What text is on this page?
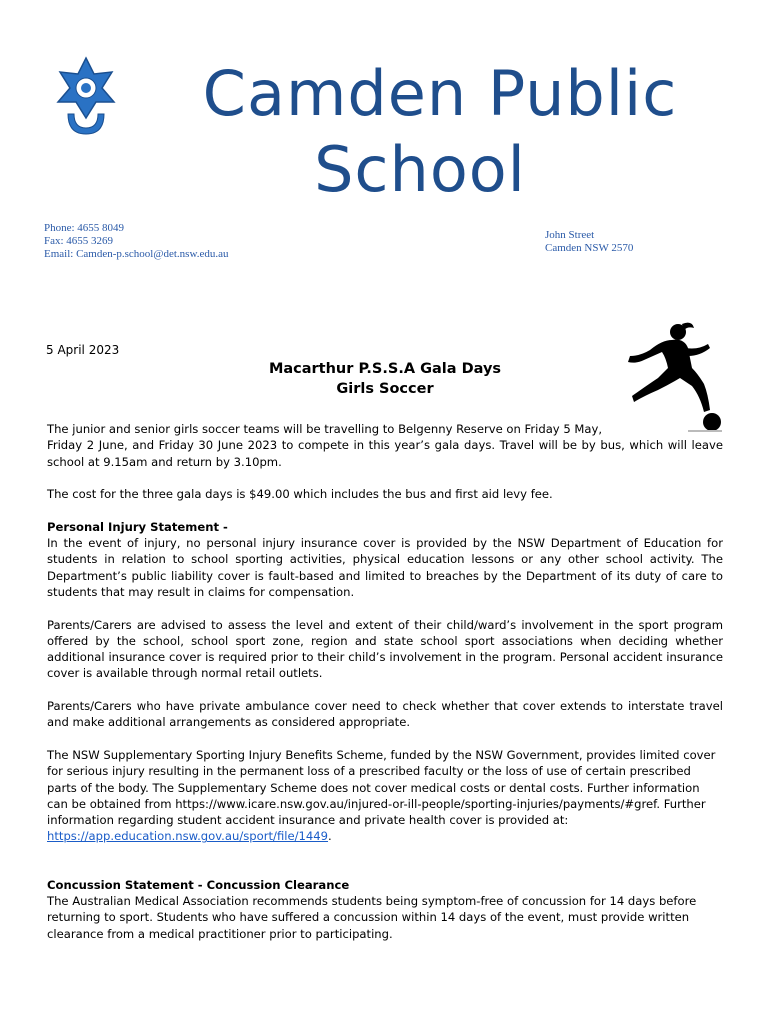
Camden Public
School
Phone: 4655 8049
Fax: 4655 3269
Email: Camden-p.school@det.nsw.edu.au
John Street
Camden NSW 2570
5 April 2023
Macarthur P.S.S.A Gala Days
Girls Soccer
The junior and senior girls soccer teams will be travelling to Belgenny Reserve on Friday 5 May,

Friday 2 June, and Friday 30 June 2023 to compete in this year’s gala days. Travel will be by bus, which will leave school at 9.15am and return by 3.10pm.

The cost for the three gala days is $49.00 which includes the bus and first aid levy fee.

Personal Injury Statement -

In the event of injury, no personal injury insurance cover is provided by the NSW Department of Education for students in relation to school sporting activities, physical education lessons or any other school activity. The Department’s public liability cover is fault-based and limited to breaches by the Department of its duty of care to students that may result in claims for compensation.

Parents/Carers are advised to assess the level and extent of their child/ward’s involvement in the sport program offered by the school, school sport zone, region and state school sport associations when deciding whether additional insurance cover is required prior to their child’s involvement in the program. Personal accident insurance cover is available through normal retail outlets.

Parents/Carers who have private ambulance cover need to check whether that cover extends to interstate travel and make additional arrangements as considered appropriate.

The NSW Supplementary Sporting Injury Benefits Scheme, funded by the NSW Government, provides limited cover for serious injury resulting in the permanent loss of a prescribed faculty or the loss of use of certain prescribed parts of the body. The Supplementary Scheme does not cover medical costs or dental costs. Further information can be obtained from https://www.icare.nsw.gov.au/injured-or-ill-people/sporting-injuries/payments/#gref. Further information regarding student accident insurance and private health cover is provided at: https://app.education.nsw.gov.au/sport/file/1449.

Concussion Statement - Concussion Clearance

The Australian Medical Association recommends students being symptom-free of concussion for 14 days before returning to sport. Students who have suffered a concussion within 14 days of the event, must provide written clearance from a medical practitioner prior to participating.
